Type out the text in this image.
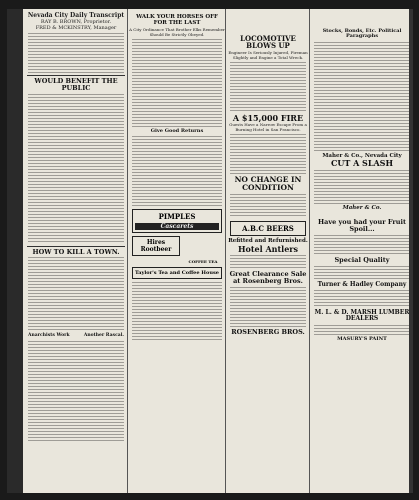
Nevada City Daily Transcript
RAY B. BROWN, Proprietor.
FRED & MCKINSTRY, Manager
WOULD BENEFIT THE PUBLIC
HOW TO KILL A TOWN.
Anarchists Work	Another Rascal.
WALK YOUR HORSES OFF FOR THE LAST
A City Ordinance That Brother Elks Remember Should Be Strictly Obeyed.
Give Good Returns
PIMPLES
Cascarets
Hires Rootbeer
COFFEE TEA
Taylor's Tea and Coffee House
LOCOMOTIVE BLOWS UP
Engineer Is Seriously Injured, Fireman Slightly and Engine a Total Wreck.
A $15,000 FIRE
Guests Have a Narrow Escape From a Burning Hotel in San Francisco.
NO CHANGE IN CONDITION
A.B.C BEERS
Refitted and Refurnished.
Hotel Antlers
Great Clearance Sale at Rosenberg Bros.
ROSENBERG BROS.
Stocks, Bonds, Etc. Political Paragraphs
Maher & Co., Nevada City
CUT A SLASH
Maher & Co.
Have you had your Fruit Spoil...
Special Quality
Turner & Hadley Company
M. L. & D. MARSH LUMBER DEALERS
MASURY'S PAINT
